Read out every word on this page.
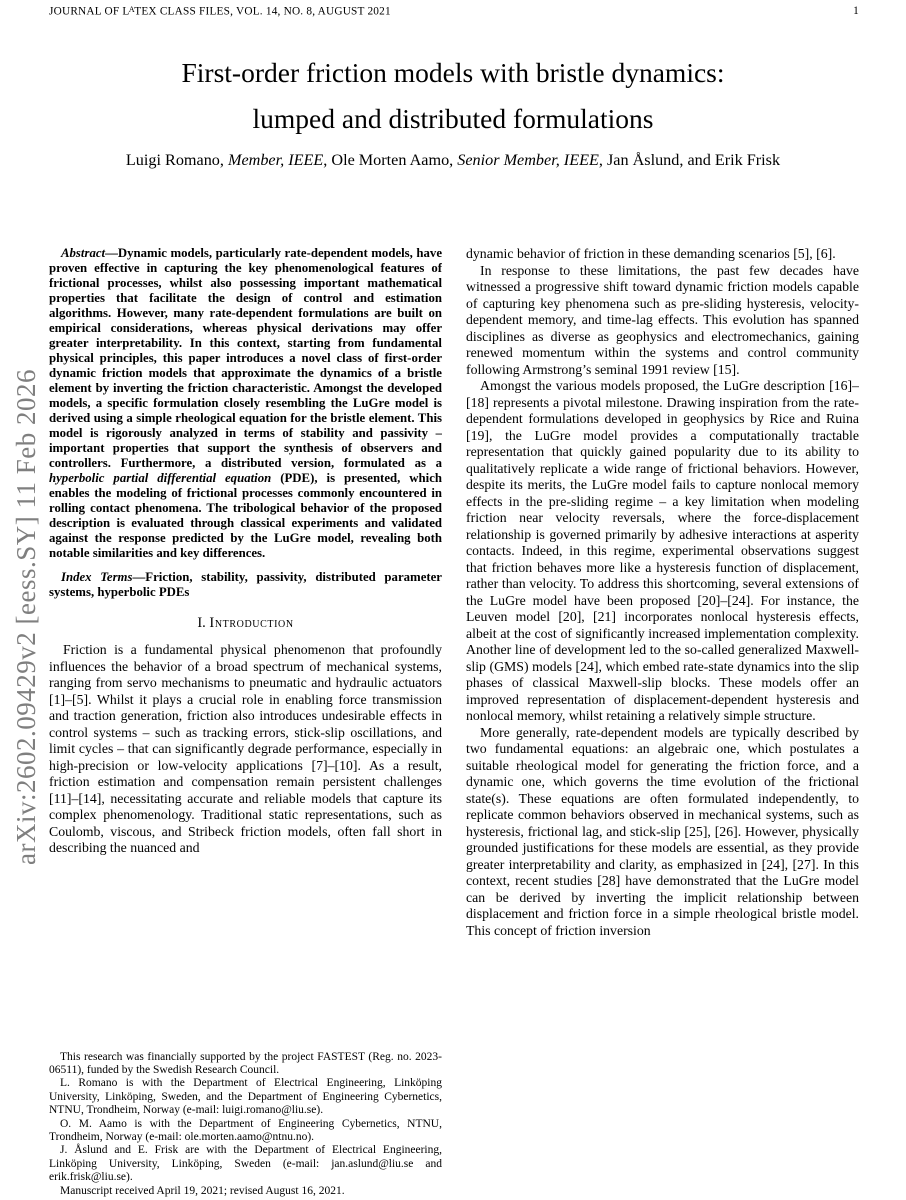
JOURNAL OF $L^ATEX$ CLASS FILES, VOL. 14, NO. 8, AUGUST 2021	1
arXiv:2602.09429v2 [eess.SY] 11 Feb 2026
First-order friction models with bristle dynamics:
lumped and distributed formulations
Luigi Romano, Member, IEEE, Ole Morten Aamo, Senior Member, IEEE, Jan Åslund, and Erik Frisk

Abstract—Dynamic models, particularly rate-dependent models, have proven effective in capturing the key phenomenological features of frictional processes, whilst also possessing important mathematical properties that facilitate the design of control and estimation algorithms. However, many rate-dependent formulations are built on empirical considerations, whereas physical derivations may offer greater interpretability. In this context, starting from fundamental physical principles, this paper introduces a novel class of first-order dynamic friction models that approximate the dynamics of a bristle element by inverting the friction characteristic. Amongst the developed models, a specific formulation closely resembling the LuGre model is derived using a simple rheological equation for the bristle element. This model is rigorously analyzed in terms of stability and passivity – important properties that support the synthesis of observers and controllers. Furthermore, a distributed version, formulated as a hyperbolic partial differential equation (PDE), is presented, which enables the modeling of frictional processes commonly encountered in rolling contact phenomena. The tribological behavior of the proposed description is evaluated through classical experiments and validated against the response predicted by the LuGre model, revealing both notable similarities and key differences.

Index Terms—Friction, stability, passivity, distributed parameter systems, hyperbolic PDEs

I. Introduction

Friction is a fundamental physical phenomenon that profoundly influences the behavior of a broad spectrum of mechanical systems, ranging from servo mechanisms to pneumatic and hydraulic actuators [1]–[5]. Whilst it plays a crucial role in enabling force transmission and traction generation, friction also introduces undesirable effects in control systems – such as tracking errors, stick-slip oscillations, and limit cycles – that can significantly degrade performance, especially in high-precision or low-velocity applications [7]–[10]. As a result, friction estimation and compensation remain persistent challenges [11]–[14], necessitating accurate and reliable models that capture its complex phenomenology. Traditional static representations, such as Coulomb, viscous, and Stribeck friction models, often fall short in describing the nuanced and

This research was financially supported by the project FASTEST (Reg. no. 2023-06511), funded by the Swedish Research Council.

L. Romano is with the Department of Electrical Engineering, Linköping University, Linköping, Sweden, and the Department of Engineering Cybernetics, NTNU, Trondheim, Norway (e-mail: luigi.romano@liu.se).

O. M. Aamo is with the Department of Engineering Cybernetics, NTNU, Trondheim, Norway (e-mail: ole.morten.aamo@ntnu.no).

J. Åslund and E. Frisk are with the Department of Electrical Engineering, Linköping University, Linköping, Sweden (e-mail: jan.aslund@liu.se and erik.frisk@liu.se).

Manuscript received April 19, 2021; revised August 16, 2021.

dynamic behavior of friction in these demanding scenarios [5], [6].

In response to these limitations, the past few decades have witnessed a progressive shift toward dynamic friction models capable of capturing key phenomena such as pre-sliding hysteresis, velocity-dependent memory, and time-lag effects. This evolution has spanned disciplines as diverse as geophysics and electromechanics, gaining renewed momentum within the systems and control community following Armstrong’s seminal 1991 review [15].

Amongst the various models proposed, the LuGre description [16]–[18] represents a pivotal milestone. Drawing inspiration from the rate-dependent formulations developed in geophysics by Rice and Ruina [19], the LuGre model provides a computationally tractable representation that quickly gained popularity due to its ability to qualitatively replicate a wide range of frictional behaviors. However, despite its merits, the LuGre model fails to capture nonlocal memory effects in the pre-sliding regime – a key limitation when modeling friction near velocity reversals, where the force-displacement relationship is governed primarily by adhesive interactions at asperity contacts. Indeed, in this regime, experimental observations suggest that friction behaves more like a hysteresis function of displacement, rather than velocity. To address this shortcoming, several extensions of the LuGre model have been proposed [20]–[24]. For instance, the Leuven model [20], [21] incorporates nonlocal hysteresis effects, albeit at the cost of significantly increased implementation complexity. Another line of development led to the so-called generalized Maxwell-slip (GMS) models [24], which embed rate-state dynamics into the slip phases of classical Maxwell-slip blocks. These models offer an improved representation of displacement-dependent hysteresis and nonlocal memory, whilst retaining a relatively simple structure.

More generally, rate-dependent models are typically described by two fundamental equations: an algebraic one, which postulates a suitable rheological model for generating the friction force, and a dynamic one, which governs the time evolution of the frictional state(s). These equations are often formulated independently, to replicate common behaviors observed in mechanical systems, such as hysteresis, frictional lag, and stick-slip [25], [26]. However, physically grounded justifications for these models are essential, as they provide greater interpretability and clarity, as emphasized in [24], [27]. In this context, recent studies [28] have demonstrated that the LuGre model can be derived by inverting the implicit relationship between displacement and friction force in a simple rheological bristle model. This concept of friction inversion
